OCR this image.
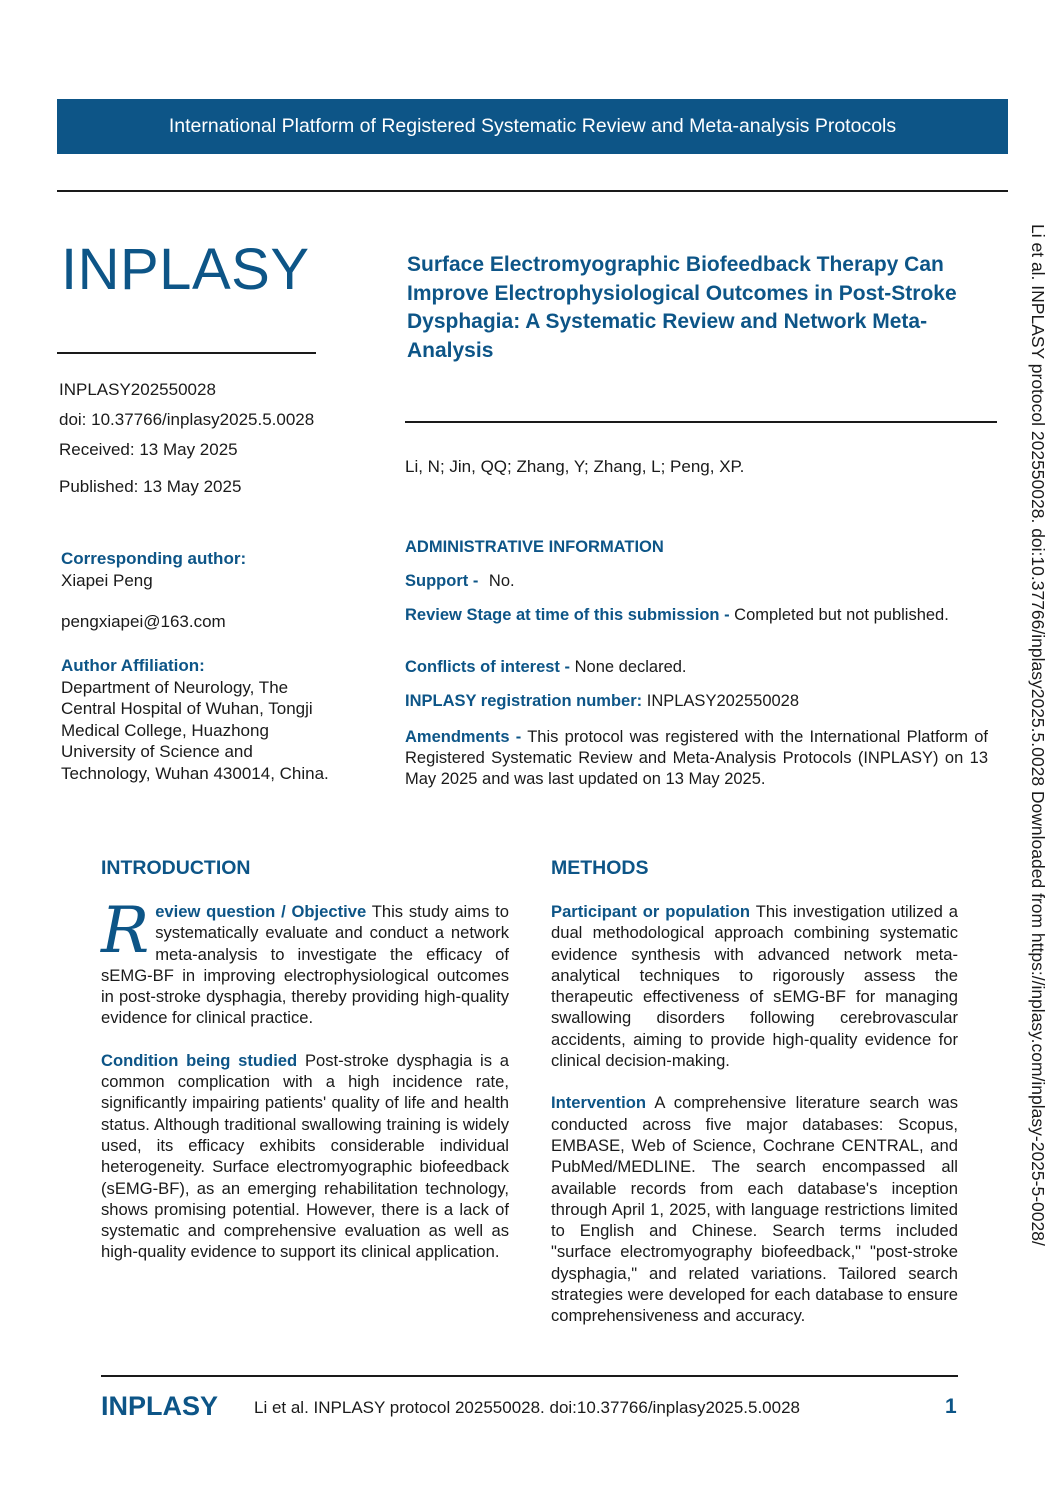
International Platform of Registered Systematic Review and Meta-analysis Protocols
INPLASY
INPLASY202550028
doi: 10.37766/inplasy2025.5.0028
Received: 13 May 2025
Published: 13 May 2025
Surface Electromyographic Biofeedback Therapy Can Improve Electrophysiological Outcomes in Post-Stroke Dysphagia: A Systematic Review and Network Meta-Analysis
Li, N; Jin, QQ; Zhang, Y; Zhang, L; Peng, XP.
Corresponding author:
Xiapei Peng
pengxiapei@163.com
Author Affiliation:
Department of Neurology, The Central Hospital of Wuhan, Tongji Medical College, Huazhong University of Science and Technology, Wuhan 430014, China.
ADMINISTRATIVE INFORMATION
Support - No.
Review Stage at time of this submission - Completed but not published.
Conflicts of interest - None declared.
INPLASY registration number: INPLASY202550028
Amendments - This protocol was registered with the International Platform of Registered Systematic Review and Meta-Analysis Protocols (INPLASY) on 13 May 2025 and was last updated on 13 May 2025.
INTRODUCTION	METHODS

Review question / Objective This study aims to systematically evaluate and conduct a network meta-analysis to investigate the efficacy of sEMG-BF in improving electrophysiological outcomes in post-stroke dysphagia, thereby providing high-quality evidence for clinical practice.

Condition being studied Post-stroke dysphagia is a common complication with a high incidence rate, significantly impairing patients' quality of life and health status. Although traditional swallowing training is widely used, its efficacy exhibits considerable individual heterogeneity. Surface electromyographic biofeedback (sEMG-BF), as an emerging rehabilitation technology, shows promising potential. However, there is a lack of systematic and comprehensive evaluation as well as high-quality evidence to support its clinical application.

Participant or population This investigation utilized a dual methodological approach combining systematic evidence synthesis with advanced network meta-analytical techniques to rigorously assess the therapeutic effectiveness of sEMG-BF for managing swallowing disorders following cerebrovascular accidents, aiming to provide high-quality evidence for clinical decision-making.

Intervention A comprehensive literature search was conducted across five major databases: Scopus, EMBASE, Web of Science, Cochrane CENTRAL, and PubMed/MEDLINE. The search encompassed all available records from each database's inception through April 1, 2025, with language restrictions limited to English and Chinese. Search terms included "surface electromyography biofeedback," "post-stroke dysphagia," and related variations. Tailored search strategies were developed for each database to ensure comprehensiveness and accuracy.

Li et al. INPLASY protocol 202550028. doi:10.37766/inplasy2025.5.0028 Downloaded from https://inplasy.com/inplasy-2025-5-0028/
INPLASY Li et al. INPLASY protocol 202550028. doi:10.37766/inplasy2025.5.0028	1
